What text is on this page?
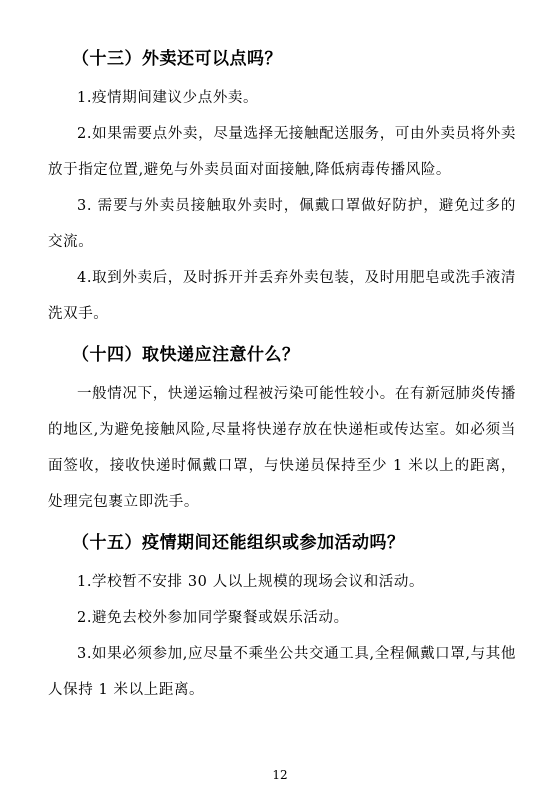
（十三）外卖还可以点吗？

1.疫情期间建议少点外卖。

2.如果需要点外卖，尽量选择无接触配送服务，可由外卖员将外卖放于指定位置,避免与外卖员面对面接触,降低病毒传播风险。

3. 需要与外卖员接触取外卖时，佩戴口罩做好防护，避免过多的交流。

4.取到外卖后，及时拆开并丢弃外卖包装，及时用肥皂或洗手液清洗双手。

（十四）取快递应注意什么？

一般情况下，快递运输过程被污染可能性较小。在有新冠肺炎传播的地区,为避免接触风险,尽量将快递存放在快递柜或传达室。如必须当面签收，接收快递时佩戴口罩，与快递员保持至少 1 米以上的距离，处理完包裹立即洗手。

（十五）疫情期间还能组织或参加活动吗？

1.学校暂不安排 30 人以上规模的现场会议和活动。

2.避免去校外参加同学聚餐或娱乐活动。

3.如果必须参加,应尽量不乘坐公共交通工具,全程佩戴口罩,与其他人保持 1 米以上距离。

12
